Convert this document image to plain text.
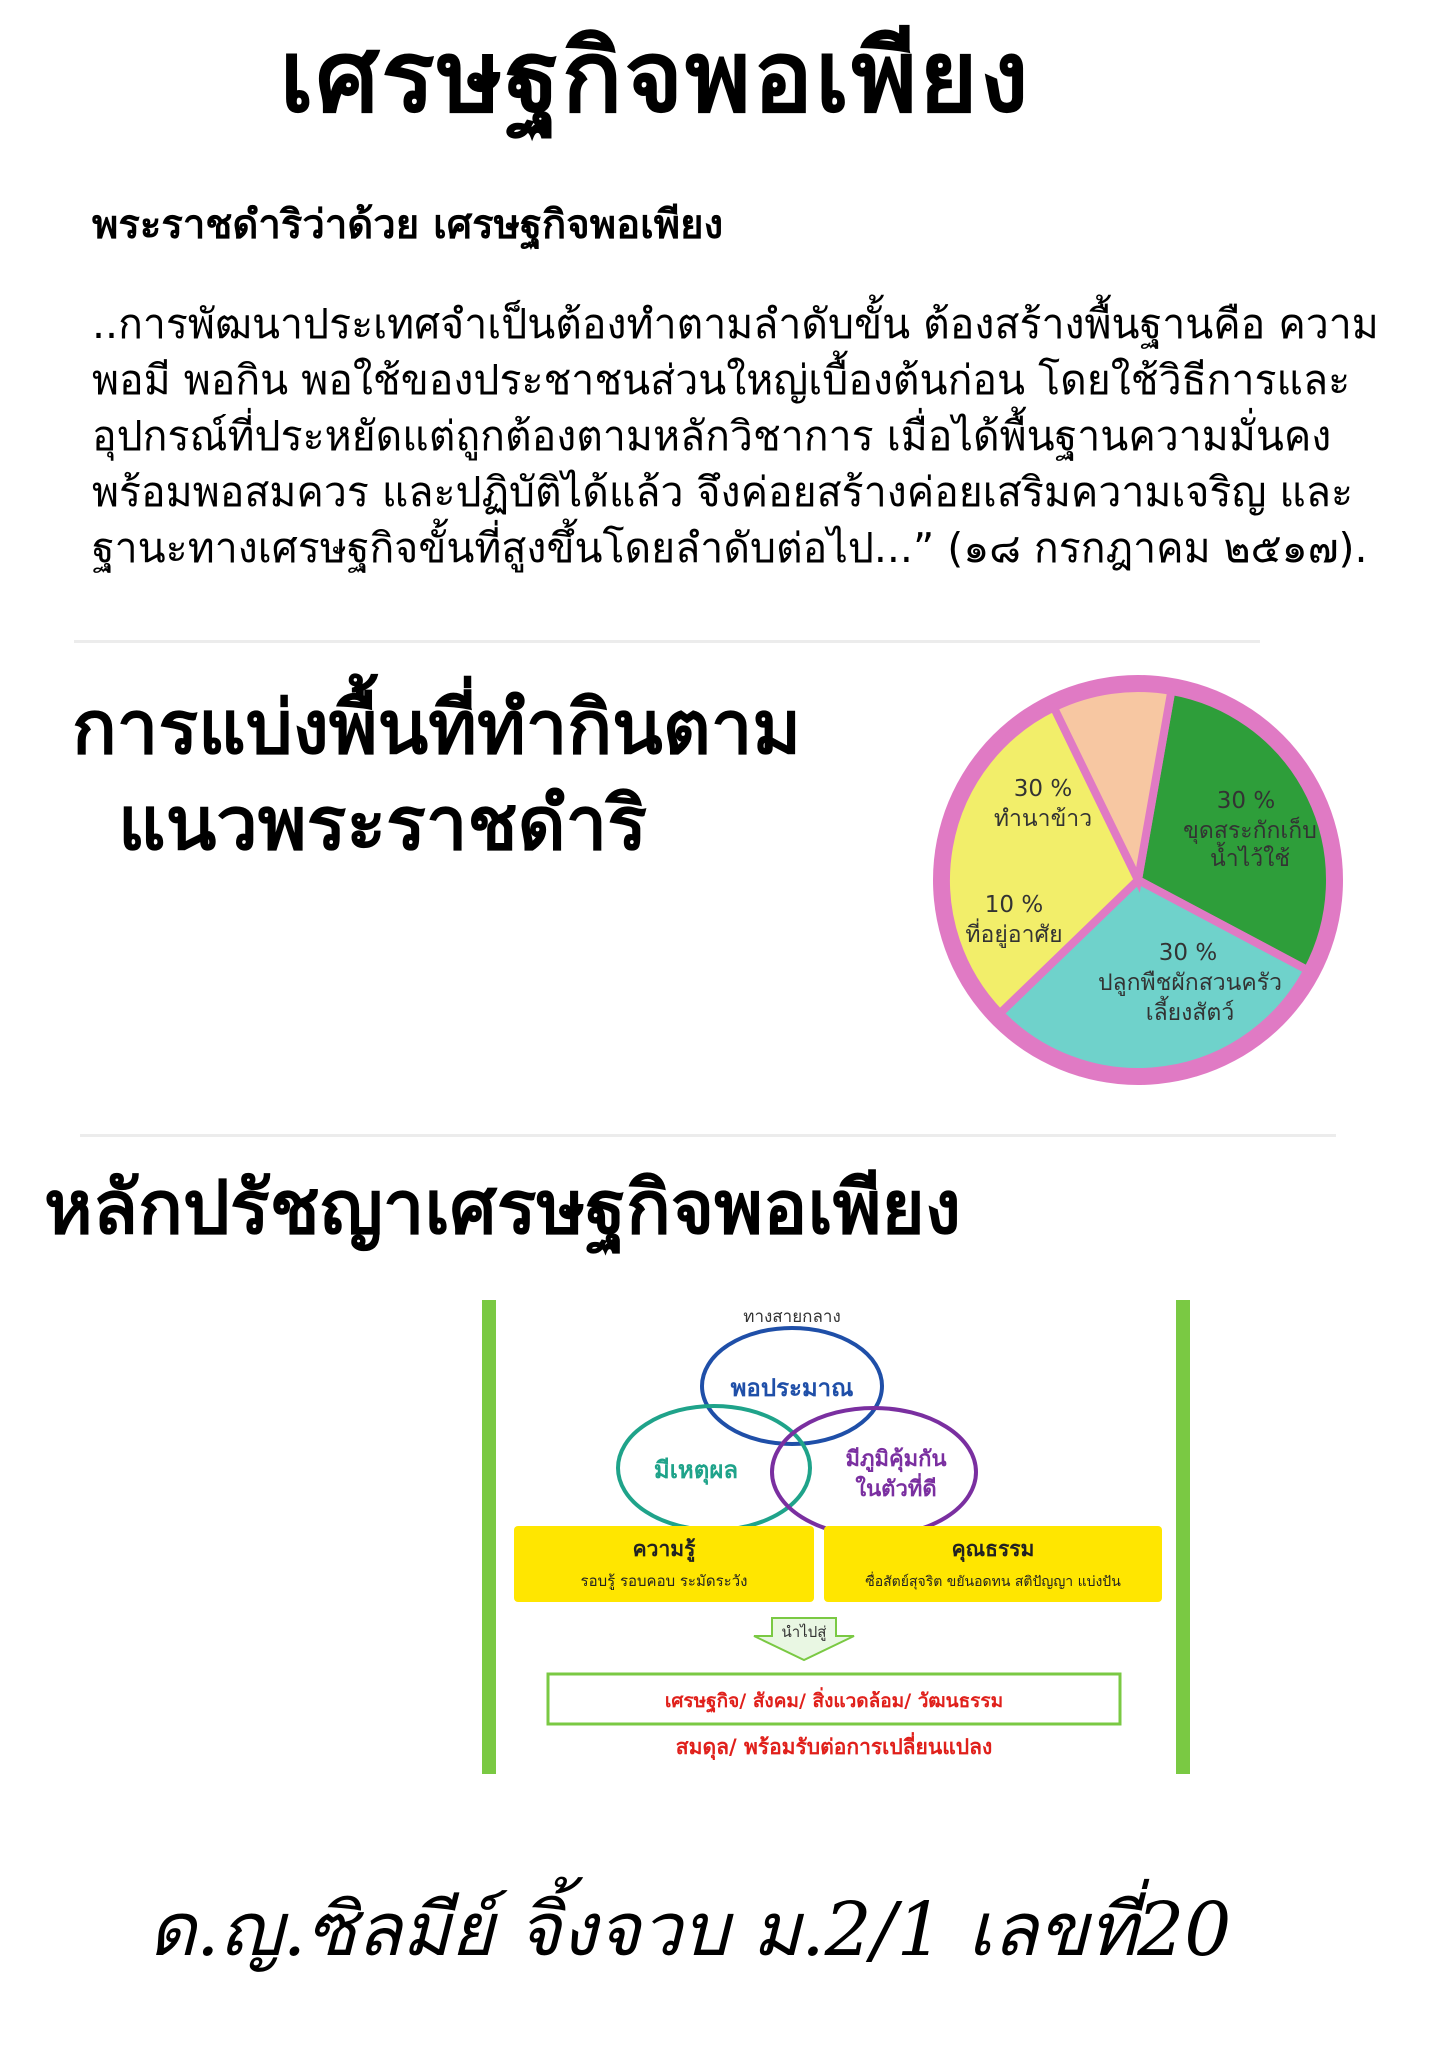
เศรษฐกิจพอเพียง
พระราชดำริว่าด้วย เศรษฐกิจพอเพียง
..การพัฒนาประเทศจำเป็นต้องทำตามลำดับขั้น ต้องสร้างพื้นฐานคือ ความพอมี พอกิน พอใช้ของประชาชนส่วนใหญ่เบื้องต้นก่อน โดยใช้วิธีการและอุปกรณ์ที่ประหยัดแต่ถูกต้องตามหลักวิชาการ เมื่อได้พื้นฐานความมั่นคงพร้อมพอสมควร และปฏิบัติได้แล้ว จึงค่อยสร้างค่อยเสริมความเจริญ และฐานะทางเศรษฐกิจขั้นที่สูงขึ้นโดยลำดับต่อไป...” (๑๘ กรกฎาคม ๒๕๑๗).
การแบ่งพื้นที่ทำกินตาม
แนวพระราชดำริ	30 %
ทำนาข้าว
30 %
ขุดสระกักเก็บ
น้ำไว้ใช้
10 %
ที่อยู่อาศัย
30 %
ปลูกพืชผักสวนครัว
เลี้ยงสัตว์
หลักปรัชญาเศรษฐกิจพอเพียง
ทางสายกลาง
พอประมาณ
มีเหตุผล	มีภูมิคุ้มกัน
ในตัวที่ดี
ความรู้
รอบรู้ รอบคอบ ระมัดระวัง
คุณธรรม
ซื่อสัตย์สุจริต ขยันอดทน สติปัญญา แบ่งปัน
นำไปสู่
เศรษฐกิจ/ สังคม/ สิ่งแวดล้อม/ วัฒนธรรม
สมดุล/ พร้อมรับต่อการเปลี่ยนแปลง
ด.ญ.ซิลมีย์ จิ้งจวบ ม.2/1 เลขที่20
